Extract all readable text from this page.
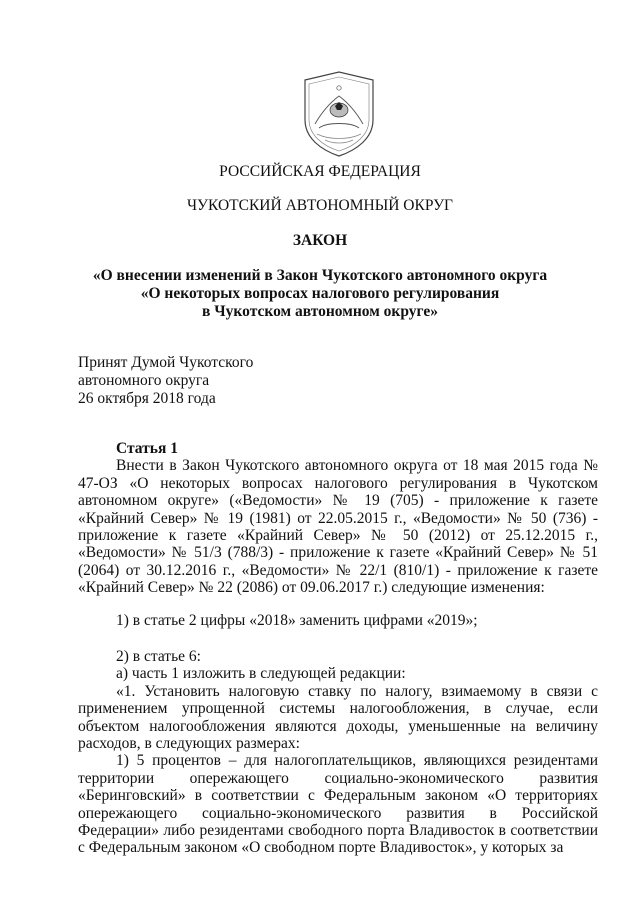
РОССИЙСКАЯ ФЕДЕРАЦИЯ
ЧУКОТСКИЙ АВТОНОМНЫЙ ОКРУГ
ЗАКОН
«О внесении изменений в Закон Чукотского автономного округа
«О некоторых вопросах налогового регулирования
в Чукотском автономном округе»
Принят Думой Чукотского
автономного округа
26 октября 2018 года

Статья 1

Внести в Закон Чукотского автономного округа от 18 мая 2015 года № 47-ОЗ «О некоторых вопросах налогового регулирования в Чукотском автономном округе» («Ведомости» № 19 (705) - приложение к газете «Крайний Север» № 19 (1981) от 22.05.2015 г., «Ведомости» № 50 (736) - приложение к газете «Крайний Север» № 50 (2012) от 25.12.2015 г., «Ведомости» № 51/3 (788/3) - приложение к газете «Крайний Север» № 51 (2064) от 30.12.2016 г., «Ведомости» № 22/1 (810/1) - приложение к газете «Крайний Север» № 22 (2086) от 09.06.2017 г.) следующие изменения:

1) в статье 2 цифры «2018» заменить цифрами «2019»;

2) в статье 6:

а) часть 1 изложить в следующей редакции:

«1. Установить налоговую ставку по налогу, взимаемому в связи с применением упрощенной системы налогообложения, в случае, если объектом налогообложения являются доходы, уменьшенные на величину расходов, в следующих размерах:

1) 5 процентов – для налогоплательщиков, являющихся резидентами территории опережающего социально-экономического развития «Беринговский» в соответствии с Федеральным законом «О территориях опережающего социально-экономического развития в Российской Федерации» либо резидентами свободного порта Владивосток в соответствии с Федеральным законом «О свободном порте Владивосток», у которых за
